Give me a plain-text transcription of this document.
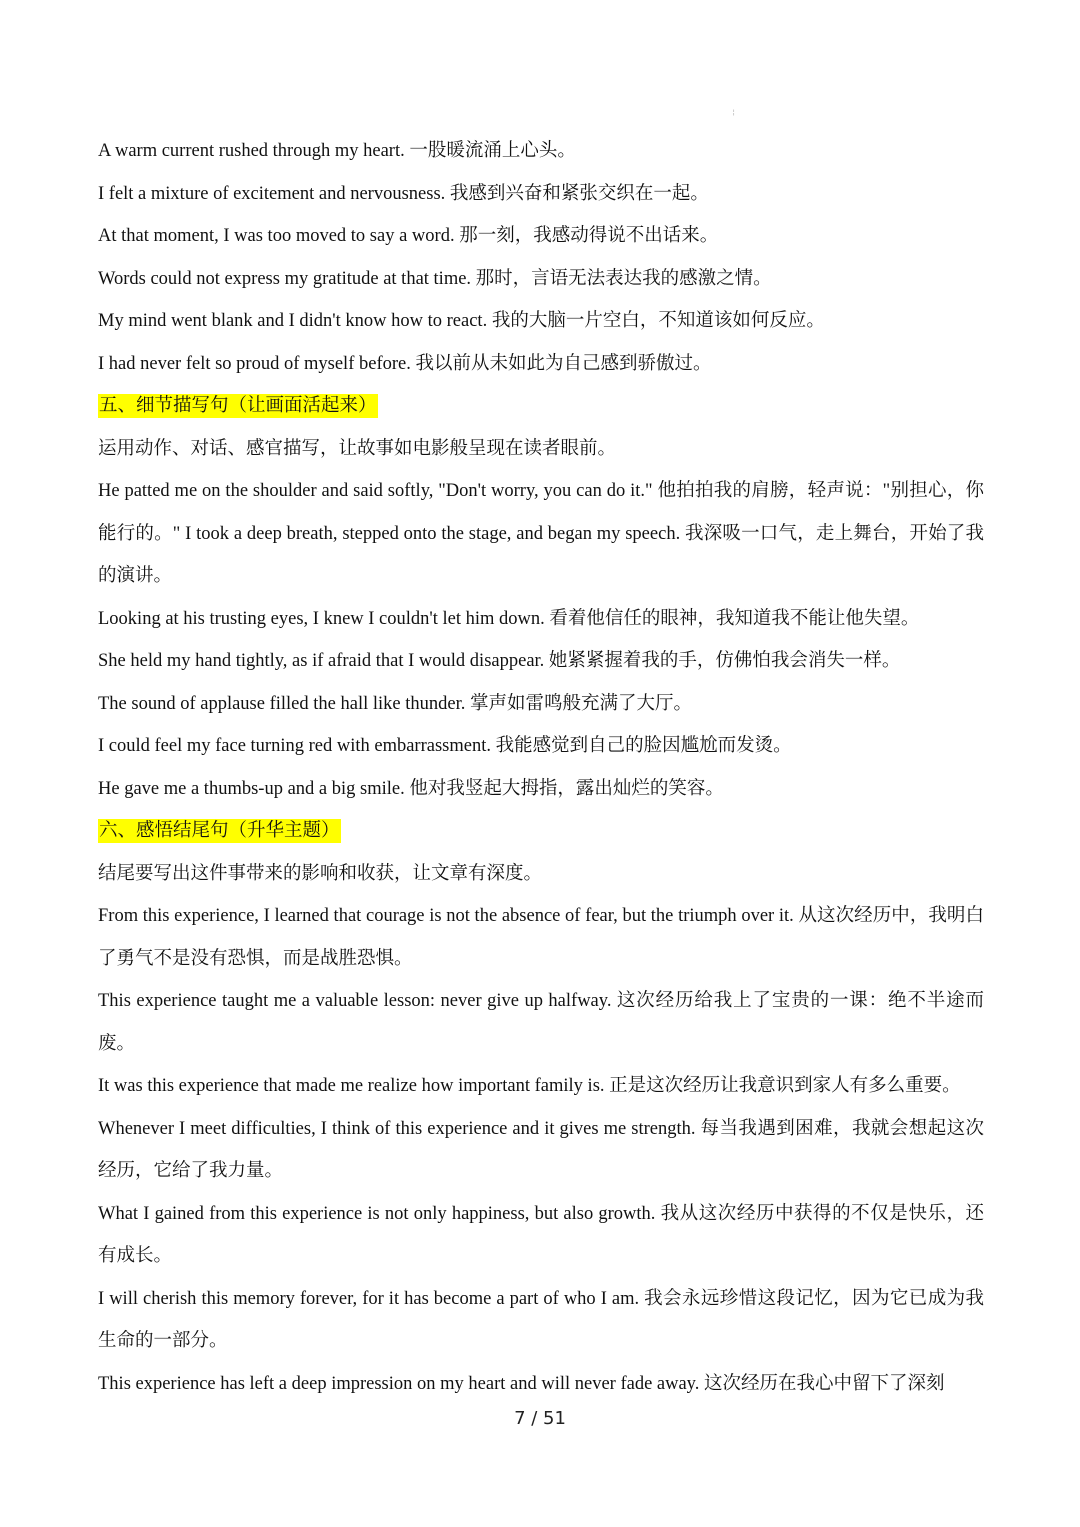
¦

A warm current rushed through my heart. 一股暖流涌上心头。

I felt a mixture of excitement and nervousness. 我感到兴奋和紧张交织在一起。

At that moment, I was too moved to say a word. 那一刻，我感动得说不出话来。

Words could not express my gratitude at that time. 那时，言语无法表达我的感激之情。

My mind went blank and I didn't know how to react. 我的大脑一片空白，不知道该如何反应。

I had never felt so proud of myself before. 我以前从未如此为自己感到骄傲过。

五、细节描写句（让画面活起来）

运用动作、对话、感官描写，让故事如电影般呈现在读者眼前。

He patted me on the shoulder and said softly, "Don't worry, you can do it." 他拍拍我的肩膀，轻声说："别担心，你能行的。" I took a deep breath, stepped onto the stage, and began my speech. 我深吸一口气，走上舞台，开始了我的演讲。

Looking at his trusting eyes, I knew I couldn't let him down. 看着他信任的眼神，我知道我不能让他失望。

She held my hand tightly, as if afraid that I would disappear. 她紧紧握着我的手，仿佛怕我会消失一样。

The sound of applause filled the hall like thunder. 掌声如雷鸣般充满了大厅。

I could feel my face turning red with embarrassment. 我能感觉到自己的脸因尴尬而发烫。

He gave me a thumbs-up and a big smile. 他对我竖起大拇指，露出灿烂的笑容。

六、感悟结尾句（升华主题）

结尾要写出这件事带来的影响和收获，让文章有深度。

From this experience, I learned that courage is not the absence of fear, but the triumph over it. 从这次经历中，我明白了勇气不是没有恐惧，而是战胜恐惧。

This experience taught me a valuable lesson: never give up halfway. 这次经历给我上了宝贵的一课：绝不半途而废。

It was this experience that made me realize how important family is. 正是这次经历让我意识到家人有多么重要。

Whenever I meet difficulties, I think of this experience and it gives me strength. 每当我遇到困难，我就会想起这次经历，它给了我力量。

What I gained from this experience is not only happiness, but also growth. 我从这次经历中获得的不仅是快乐，还有成长。

I will cherish this memory forever, for it has become a part of who I am. 我会永远珍惜这段记忆，因为它已成为我生命的一部分。

This experience has left a deep impression on my heart and will never fade away. 这次经历在我心中留下了深刻

7 / 51
